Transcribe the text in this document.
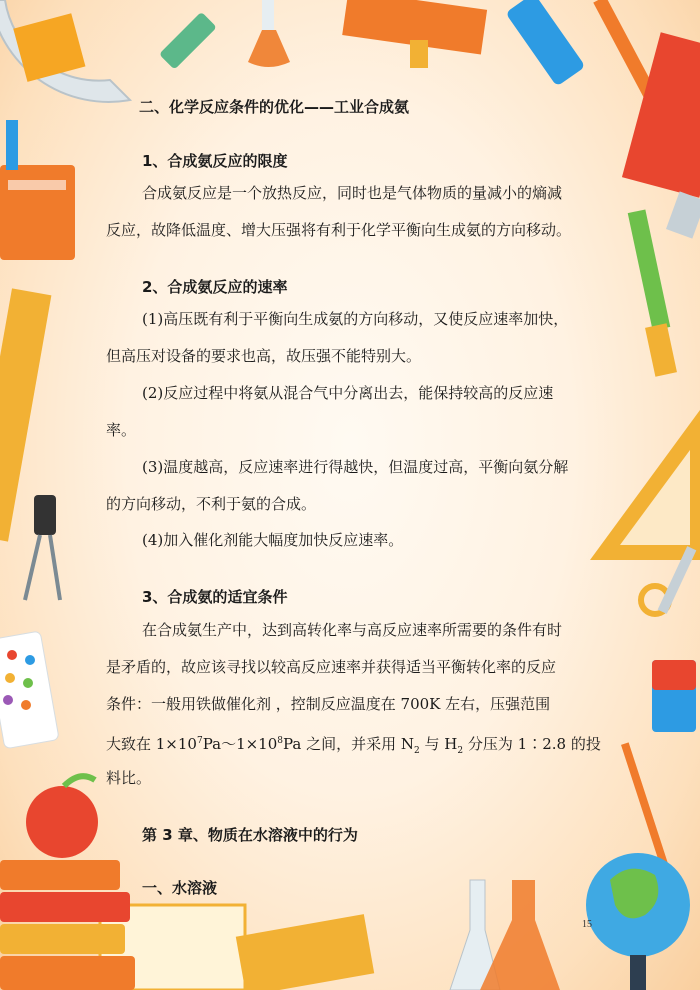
二、化学反应条件的优化——工业合成氨
1、合成氨反应的限度
合成氨反应是一个放热反应，同时也是气体物质的量减小的熵减
反应，故降低温度、增大压强将有利于化学平衡向生成氨的方向移动。
2、合成氨反应的速率
(1)高压既有利于平衡向生成氨的方向移动，又使反应速率加快，
但高压对设备的要求也高，故压强不能特别大。
(2)反应过程中将氨从混合气中分离出去，能保持较高的反应速
率。
(3)温度越高，反应速率进行得越快，但温度过高，平衡向氨分解
的方向移动，不利于氨的合成。
(4)加入催化剂能大幅度加快反应速率。
3、合成氨的适宜条件
在合成氨生产中，达到高转化率与高反应速率所需要的条件有时
是矛盾的，故应该寻找以较高反应速率并获得适当平衡转化率的反应
条件：一般用铁做催化剂 ，控制反应温度在 700K 左右，压强范围
大致在 $1\times 10^7Pa\sim 1\times 10^8Pa$ 之间，并采用 $N_2$ 与 $H_2$ 分压为 1∶2.8 的投
料比。
第 3 章、物质在水溶液中的行为
一、水溶液
15
